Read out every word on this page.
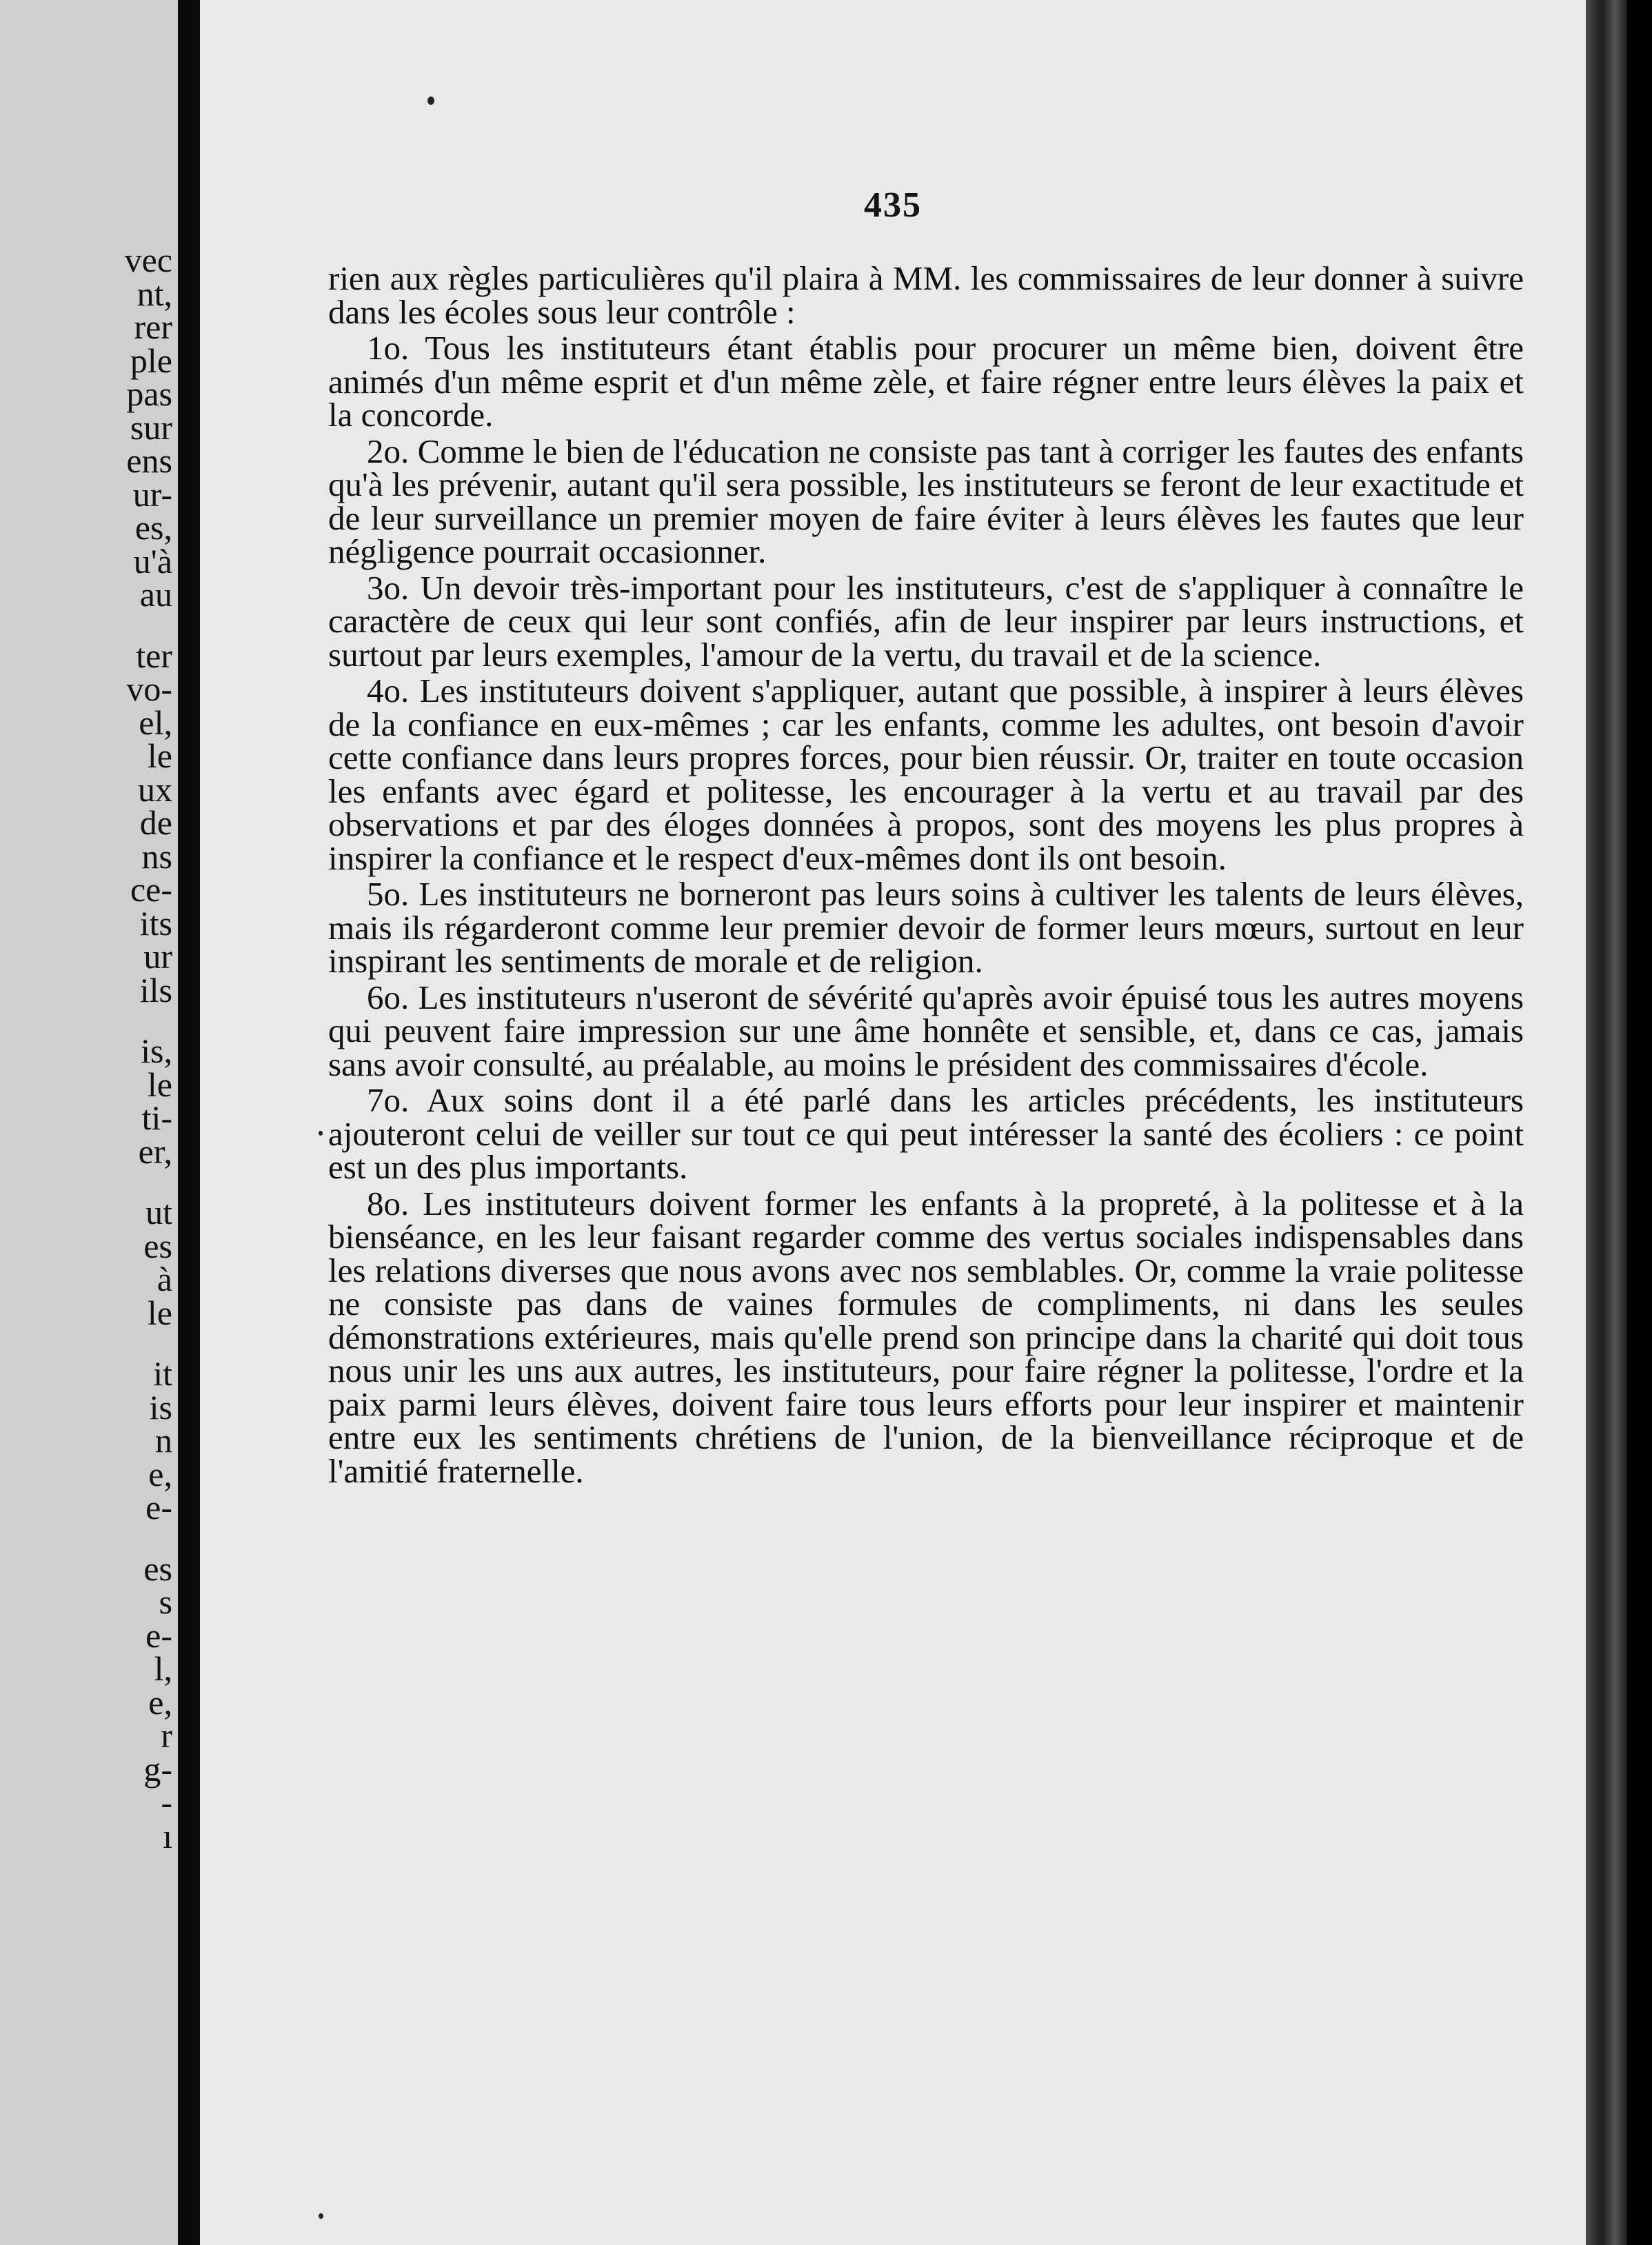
vec
nt,
rer
ple
pas
sur
ens
ur-
es,
u'à
au
ter
vo-
el,
le
ux
de
ns
ce-
its
ur
ils
is,
le
ti-
er,
ut
es
à
le
it
is
n
e,
e-
es
s
e-
l,
e,
r
g-
-
ı
435

rien aux règles particulières qu'il plaira à MM. les commissaires de leur donner à suivre dans les écoles sous leur contrôle :

1o. Tous les instituteurs étant établis pour procurer un même bien, doivent être animés d'un même esprit et d'un même zèle, et faire régner entre leurs élèves la paix et la concorde.

2o. Comme le bien de l'éducation ne consiste pas tant à corriger les fautes des enfants qu'à les prévenir, autant qu'il sera possible, les instituteurs se feront de leur exactitude et de leur surveillance un premier moyen de faire éviter à leurs élèves les fautes que leur négligence pourrait occasionner.

3o. Un devoir très-important pour les instituteurs, c'est de s'appliquer à connaître le caractère de ceux qui leur sont confiés, afin de leur inspirer par leurs instructions, et surtout par leurs exemples, l'amour de la vertu, du travail et de la science.

4o. Les instituteurs doivent s'appliquer, autant que possible, à inspirer à leurs élèves de la confiance en eux-mêmes ; car les enfants, comme les adultes, ont besoin d'avoir cette confiance dans leurs propres forces, pour bien réussir. Or, traiter en toute occasion les enfants avec égard et politesse, les encourager à la vertu et au travail par des observations et par des éloges données à propos, sont des moyens les plus propres à inspirer la confiance et le respect d'eux-mêmes dont ils ont besoin.

5o. Les instituteurs ne borneront pas leurs soins à cultiver les talents de leurs élèves, mais ils régarderont comme leur premier devoir de former leurs mœurs, surtout en leur inspirant les sentiments de morale et de religion.

6o. Les instituteurs n'useront de sévérité qu'après avoir épuisé tous les autres moyens qui peuvent faire impression sur une âme honnête et sensible, et, dans ce cas, jamais sans avoir consulté, au préalable, au moins le président des commissaires d'école.

7o. Aux soins dont il a été parlé dans les articles précédents, les instituteurs ajouteront celui de veiller sur tout ce qui peut intéresser la santé des écoliers : ce point est un des plus importants.

8o. Les instituteurs doivent former les enfants à la propreté, à la politesse et à la bienséance, en les leur faisant regarder comme des vertus sociales indispensables dans les relations diverses que nous avons avec nos semblables. Or, comme la vraie politesse ne consiste pas dans de vaines formules de compliments, ni dans les seules démonstrations extérieures, mais qu'elle prend son principe dans la charité qui doit tous nous unir les uns aux autres, les instituteurs, pour faire régner la politesse, l'ordre et la paix parmi leurs élèves, doivent faire tous leurs efforts pour leur inspirer et maintenir entre eux les sentiments chrétiens de l'union, de la bienveillance réciproque et de l'amitié fraternelle.
